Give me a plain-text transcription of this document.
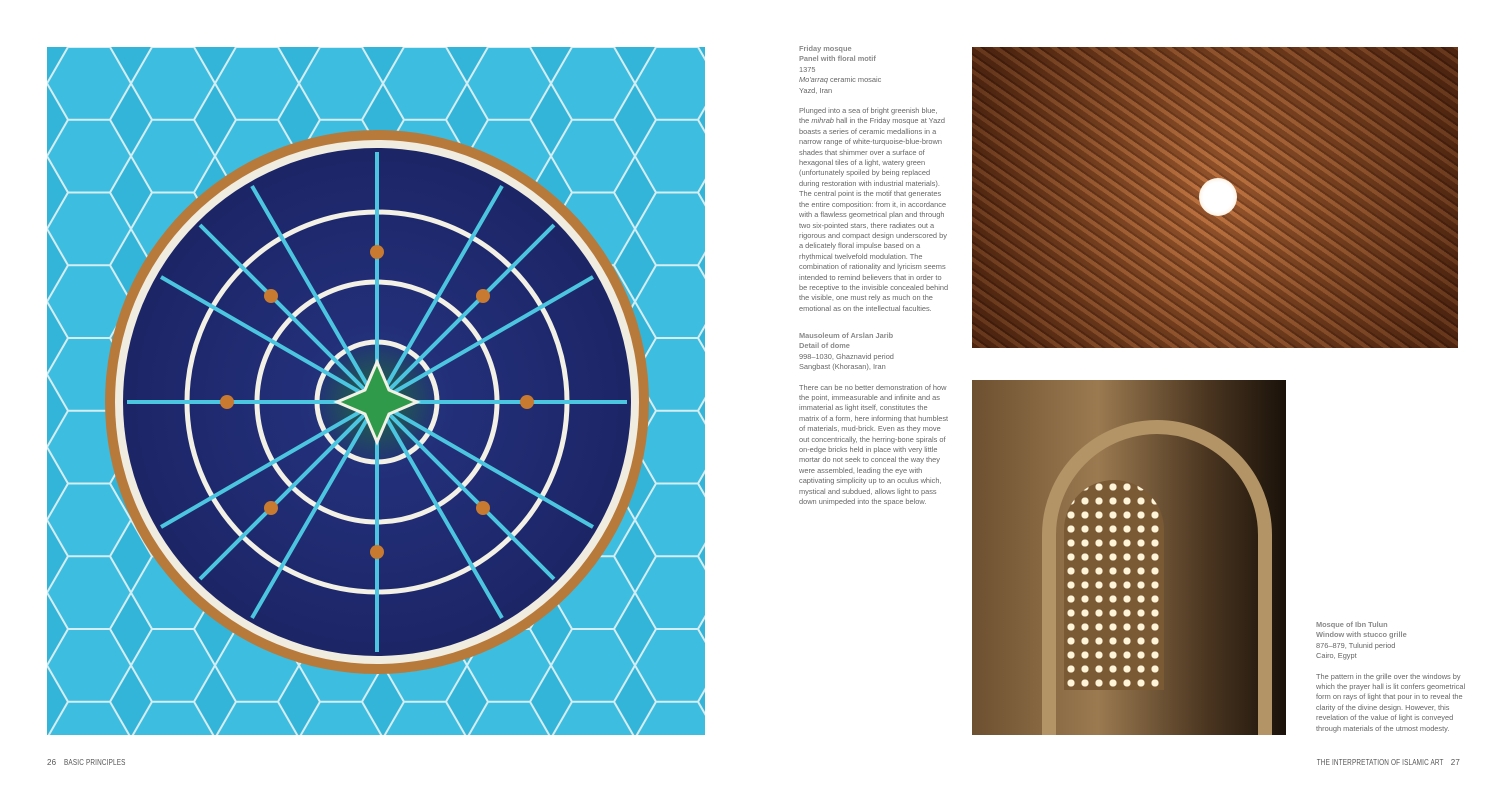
Friday mosque

Panel with floral motif

1375

Mo'arraq ceramic mosaic

Yazd, Iran

Plunged into a sea of bright greenish blue, the mihrab hall in the Friday mosque at Yazd boasts a series of ceramic medallions in a narrow range of white-turquoise-blue-brown shades that shimmer over a surface of hexagonal tiles of a light, watery green (unfortunately spoiled by being replaced during restoration with industrial materials). The central point is the motif that generates the entire composition: from it, in accordance with a flawless geometrical plan and through two six-pointed stars, there radiates out a rigorous and compact design underscored by a delicately floral impulse based on a rhythmical twelvefold modulation. The combination of rationality and lyricism seems intended to remind believers that in order to be receptive to the invisible concealed behind the visible, one must rely as much on the emotional as on the intellectual faculties.

Mausoleum of Arslan Jarib

Detail of dome

998–1030, Ghaznavid period

Sangbast (Khorasan), Iran

There can be no better demonstration of how the point, immeasurable and infinite and as immaterial as light itself, constitutes the matrix of a form, here informing that humblest of materials, mud-brick. Even as they move out concentrically, the herring-bone spirals of on-edge bricks held in place with very little mortar do not seek to conceal the way they were assembled, leading the eye with captivating simplicity up to an oculus which, mystical and subdued, allows light to pass down unimpeded into the space below.

Mosque of Ibn Tulun

Window with stucco grille

876–879, Tulunid period

Cairo, Egypt

The pattern in the grille over the windows by which the prayer hall is lit confers geometrical form on rays of light that pour in to reveal the clarity of the divine design. However, this revelation of the value of light is conveyed through materials of the utmost modesty.

26 BASIC PRINCIPLES	THE INTERPRETATION OF ISLAMIC ART 27
